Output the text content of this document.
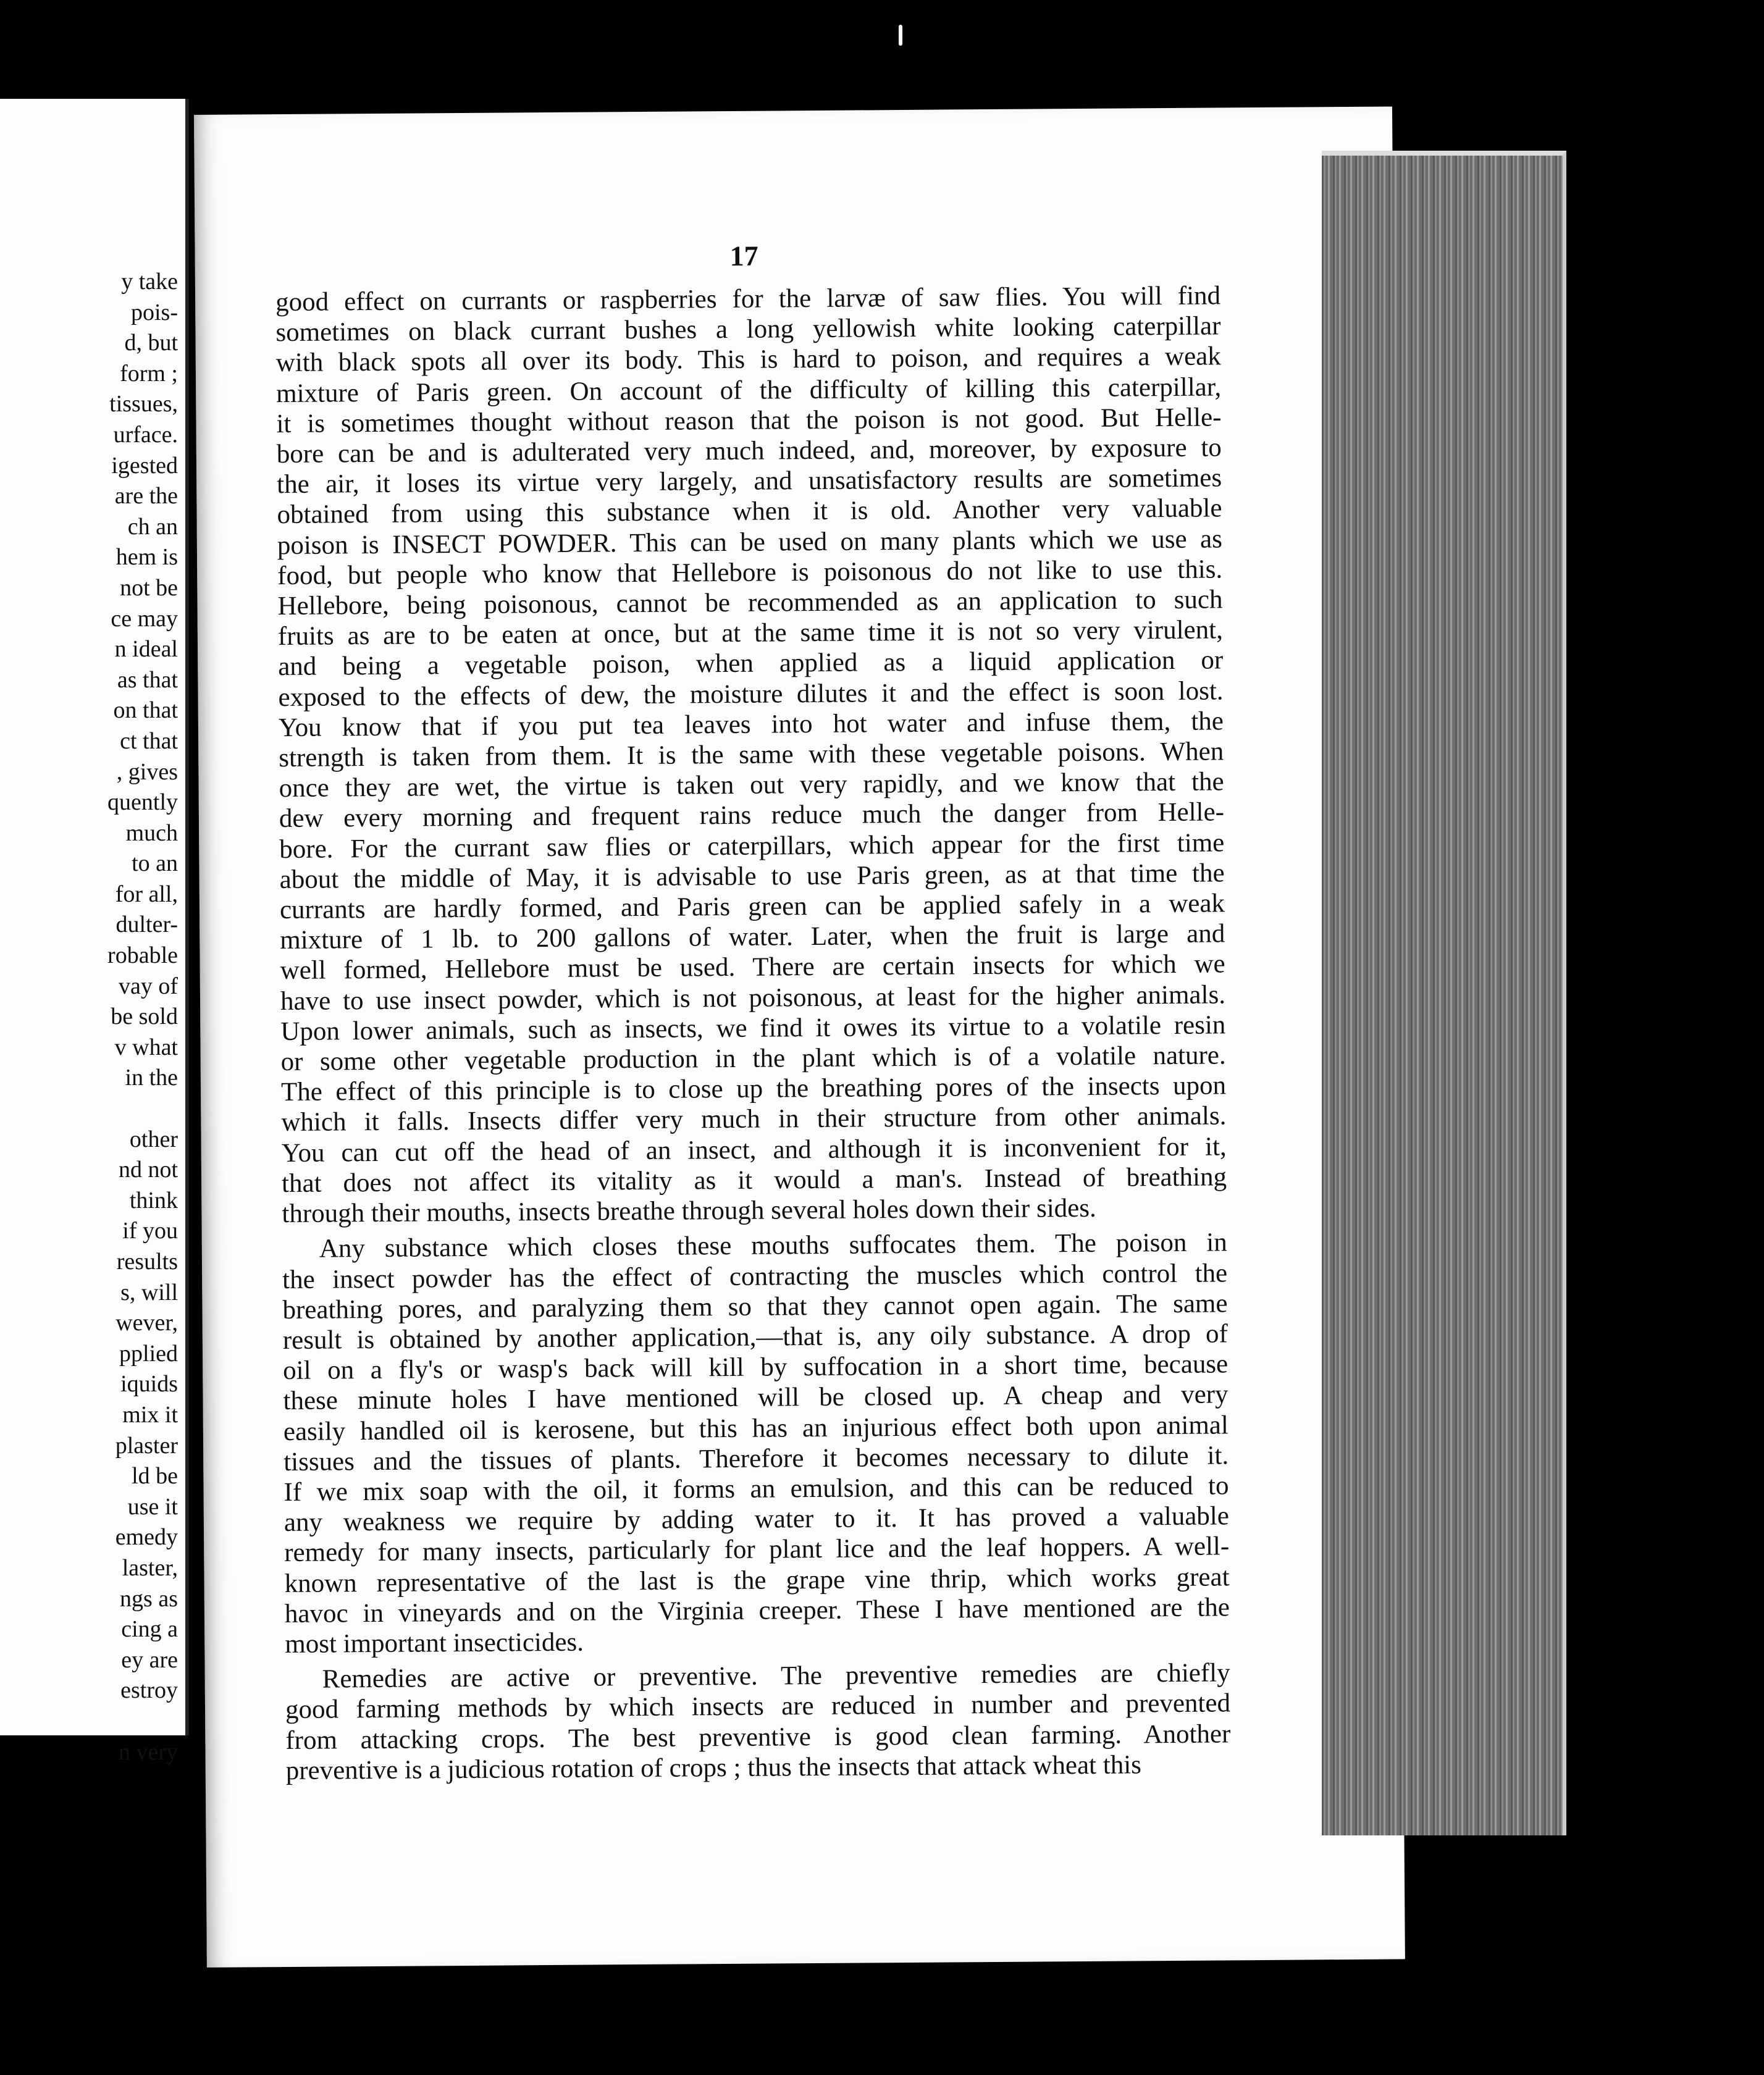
y take
pois-
d, but
form ;
tissues,
urface.
igested
are the
ch an
hem is
not be
ce may
n ideal
as that
on that
ct that
, gives
quently
much
to an
for all,
dulter-
robable
vay of
be sold
v what
in the
other
nd not
think
if you
results
s, will
wever,
pplied
iquids
mix it
plaster
ld be
use it
emedy
laster,
ngs as
cing a
ey are
estroy
n very
17

good effect on currants or raspberries for the larvæ of saw flies. You will find
sometimes on black currant bushes a long yellowish white looking caterpillar
with black spots all over its body. This is hard to poison, and requires a weak
mixture of Paris green. On account of the difficulty of killing this caterpillar,
it is sometimes thought without reason that the poison is not good. But Helle-
bore can be and is adulterated very much indeed, and, moreover, by exposure to
the air, it loses its virtue very largely, and unsatisfactory results are sometimes
obtained from using this substance when it is old. Another very valuable
poison is INSECT POWDER. This can be used on many plants which we use as
food, but people who know that Hellebore is poisonous do not like to use this.
Hellebore, being poisonous, cannot be recommended as an application to such
fruits as are to be eaten at once, but at the same time it is not so very virulent,
and being a vegetable poison, when applied as a liquid application or
exposed to the effects of dew, the moisture dilutes it and the effect is soon lost.
You know that if you put tea leaves into hot water and infuse them, the
strength is taken from them. It is the same with these vegetable poisons. When
once they are wet, the virtue is taken out very rapidly, and we know that the
dew every morning and frequent rains reduce much the danger from Helle-
bore. For the currant saw flies or caterpillars, which appear for the first time
about the middle of May, it is advisable to use Paris green, as at that time the
currants are hardly formed, and Paris green can be applied safely in a weak
mixture of 1 lb. to 200 gallons of water. Later, when the fruit is large and
well formed, Hellebore must be used. There are certain insects for which we
have to use insect powder, which is not poisonous, at least for the higher animals.
Upon lower animals, such as insects, we find it owes its virtue to a volatile resin
or some other vegetable production in the plant which is of a volatile nature.
The effect of this principle is to close up the breathing pores of the insects upon
which it falls. Insects differ very much in their structure from other animals.
You can cut off the head of an insect, and although it is inconvenient for it,
that does not affect its vitality as it would a man's. Instead of breathing
through their mouths, insects breathe through several holes down their sides.

Any substance which closes these mouths suffocates them. The poison in
the insect powder has the effect of contracting the muscles which control the
breathing pores, and paralyzing them so that they cannot open again. The same
result is obtained by another application,—that is, any oily substance. A drop of
oil on a fly's or wasp's back will kill by suffocation in a short time, because
these minute holes I have mentioned will be closed up. A cheap and very
easily handled oil is kerosene, but this has an injurious effect both upon animal
tissues and the tissues of plants. Therefore it becomes necessary to dilute it.
If we mix soap with the oil, it forms an emulsion, and this can be reduced to
any weakness we require by adding water to it. It has proved a valuable
remedy for many insects, particularly for plant lice and the leaf hoppers. A well-
known representative of the last is the grape vine thrip, which works great
havoc in vineyards and on the Virginia creeper. These I have mentioned are the
most important insecticides.

Remedies are active or preventive. The preventive remedies are chiefly
good farming methods by which insects are reduced in number and prevented
from attacking crops. The best preventive is good clean farming. Another
preventive is a judicious rotation of crops ; thus the insects that attack wheat this
